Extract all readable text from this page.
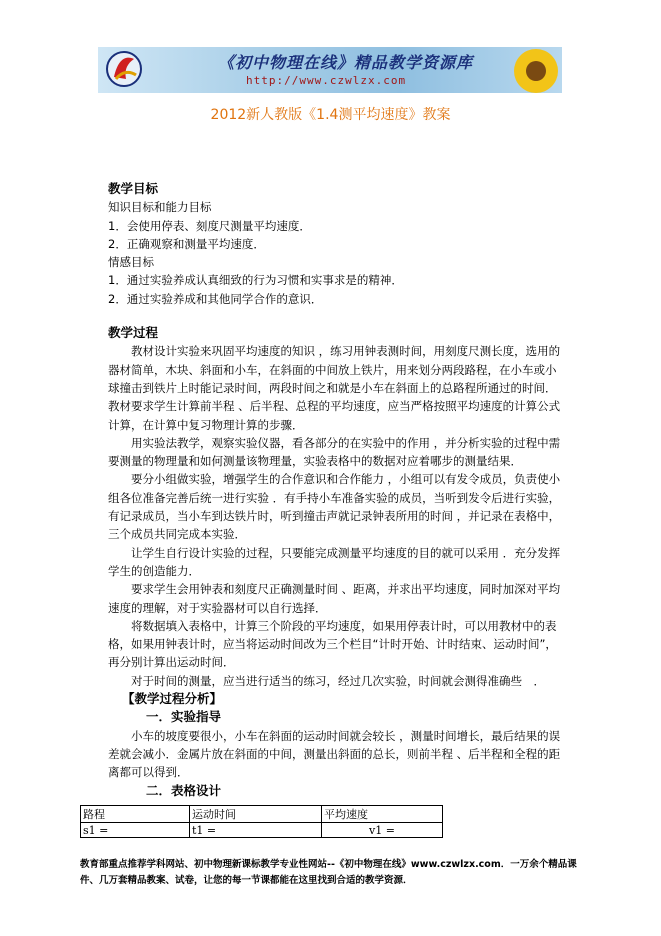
《初中物理在线》精品教学资源库
http://www.czwlzx.com
2012新人教版《1.4测平均速度》教案

教学目标

知识目标和能力目标

1．会使用停表、刻度尺测量平均速度．

2．正确观察和测量平均速度．

情感目标

1．通过实验养成认真细致的行为习惯和实事求是的精神．

2．通过实验养成和其他同学合作的意识．

教学过程

教材设计实验来巩固平均速度的知识 ，练习用钟表测时间，用刻度尺测长度，选用的器材简单，木块、斜面和小车，在斜面的中间放上铁片，用来划分两段路程，在小车或小球撞击到铁片上时能记录时间，两段时间之和就是小车在斜面上的总路程所通过的时间．

教材要求学生计算前半程 、后半程、总程的平均速度，应当严格按照平均速度的计算公式计算，在计算中复习物理计算的步骤．

用实验法教学，观察实验仪器，看各部分的在实验中的作用 ，并分析实验的过程中需要测量的物理量和如何测量该物理量，实验表格中的数据对应着哪步的测量结果．

要分小组做实验，增强学生的合作意识和合作能力 ，小组可以有发令成员，负责使小组各位准备完善后统一进行实验 ．有手持小车准备实验的成员，当听到发令后进行实验，有记录成员，当小车到达铁片时，听到撞击声就记录钟表所用的时间 ，并记录在表格中，三个成员共同完成本实验．

让学生自行设计实验的过程，只要能完成测量平均速度的目的就可以采用 ．充分发挥学生的创造能力．

要求学生会用钟表和刻度尺正确测量时间 、距离，并求出平均速度，同时加深对平均速度的理解，对于实验器材可以自行选择．

将数据填入表格中，计算三个阶段的平均速度，如果用停表计时，可以用教材中的表格，如果用钟表计时，应当将运动时间改为三个栏目“计时开始、计时结束、运动时间”，再分别计算出运动时间．

对于时间的测量，应当进行适当的练习，经过几次实验，时间就会测得准确些　．

【教学过程分析】

一．实验指导

小车的坡度要很小，小车在斜面的运动时间就会较长 ，测量时间增长，最后结果的误差就会减小．金属片放在斜面的中间，测量出斜面的总长，则前半程 、后半程和全程的距离都可以得到．

二．表格设计

路程	运动时间	平均速度
s1 =	t1 =	v1 =
教育部重点推荐学科网站、初中物理新课标教学专业性网站--《初中物理在线》www.czwlzx.com．一万余个精品课件、几万套精品教案、试卷，让您的每一节课都能在这里找到合适的教学资源．
